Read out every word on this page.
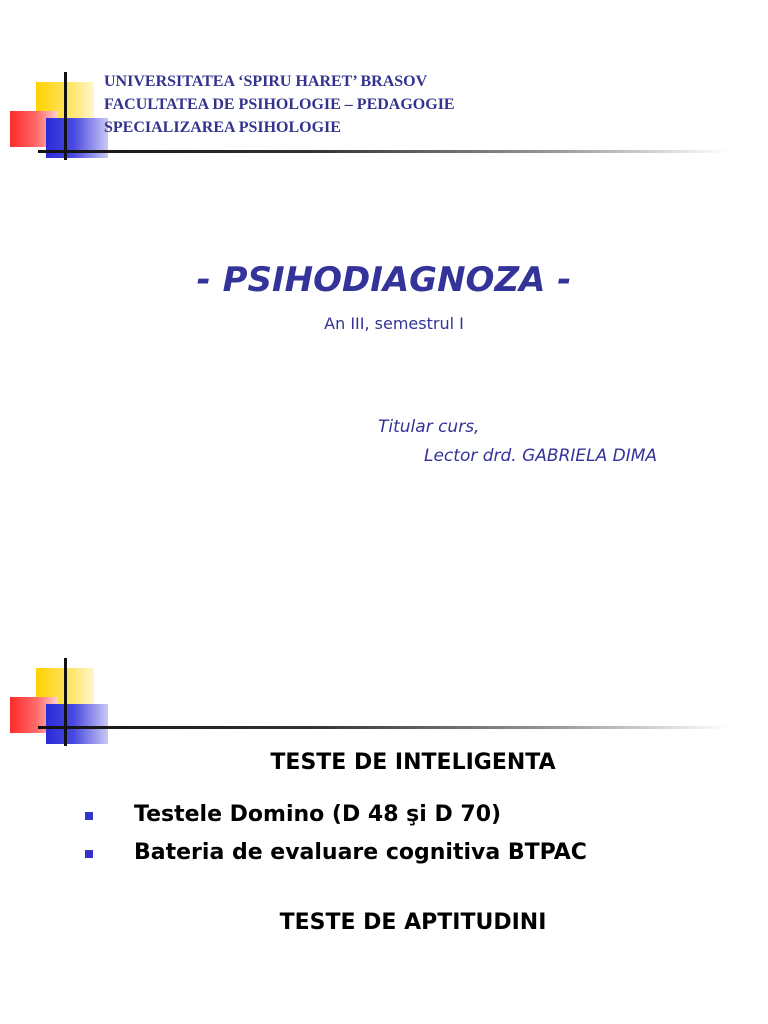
UNIVERSITATEA ‘SPIRU HARET’ BRASOV
FACULTATEA DE PSIHOLOGIE – PEDAGOGIE
SPECIALIZAREA PSIHOLOGIE
- PSIHODIAGNOZA -
An III, semestrul I
Titular curs,
Lector drd. GABRIELA DIMA
TESTE DE INTELIGENTA
Testele Domino (D 48 şi D 70)
Bateria de evaluare cognitiva BTPAC
TESTE DE APTITUDINI
